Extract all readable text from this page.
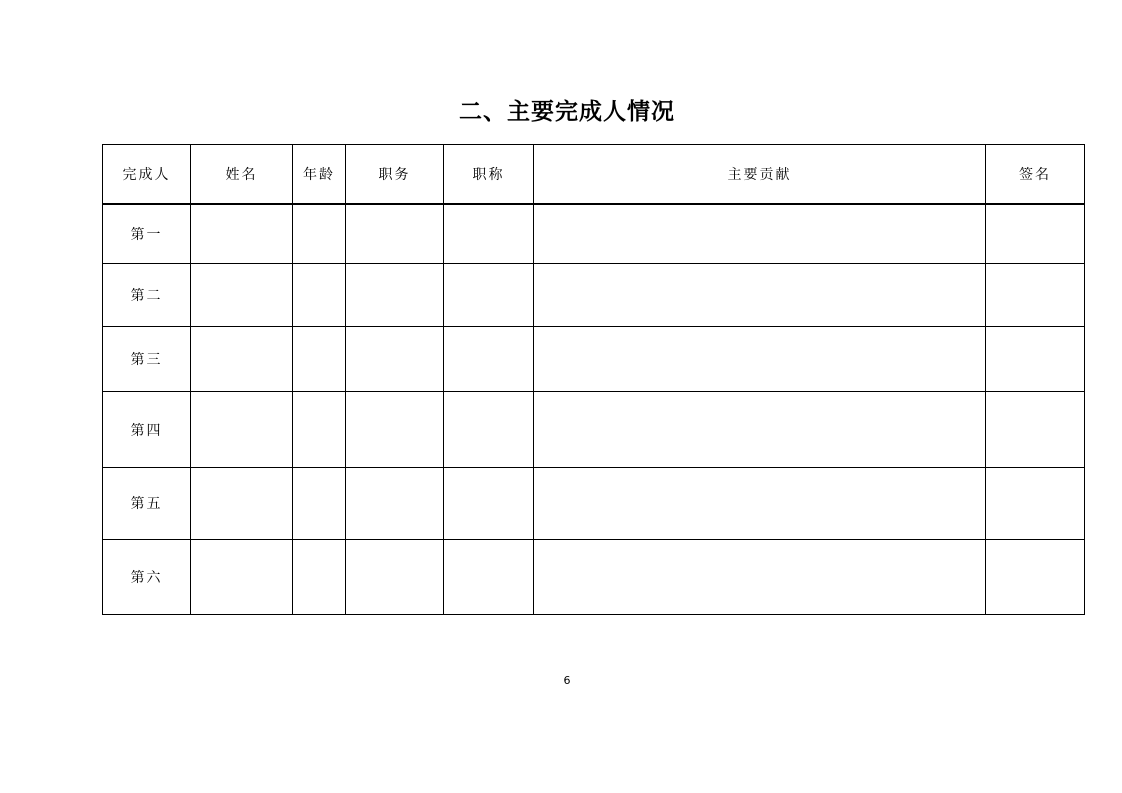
二、主要完成人情况
完成人	姓名	年龄	职务	职称	主要贡献	签名
第一						
第二						
第三						
第四						
第五						
第六						
6
